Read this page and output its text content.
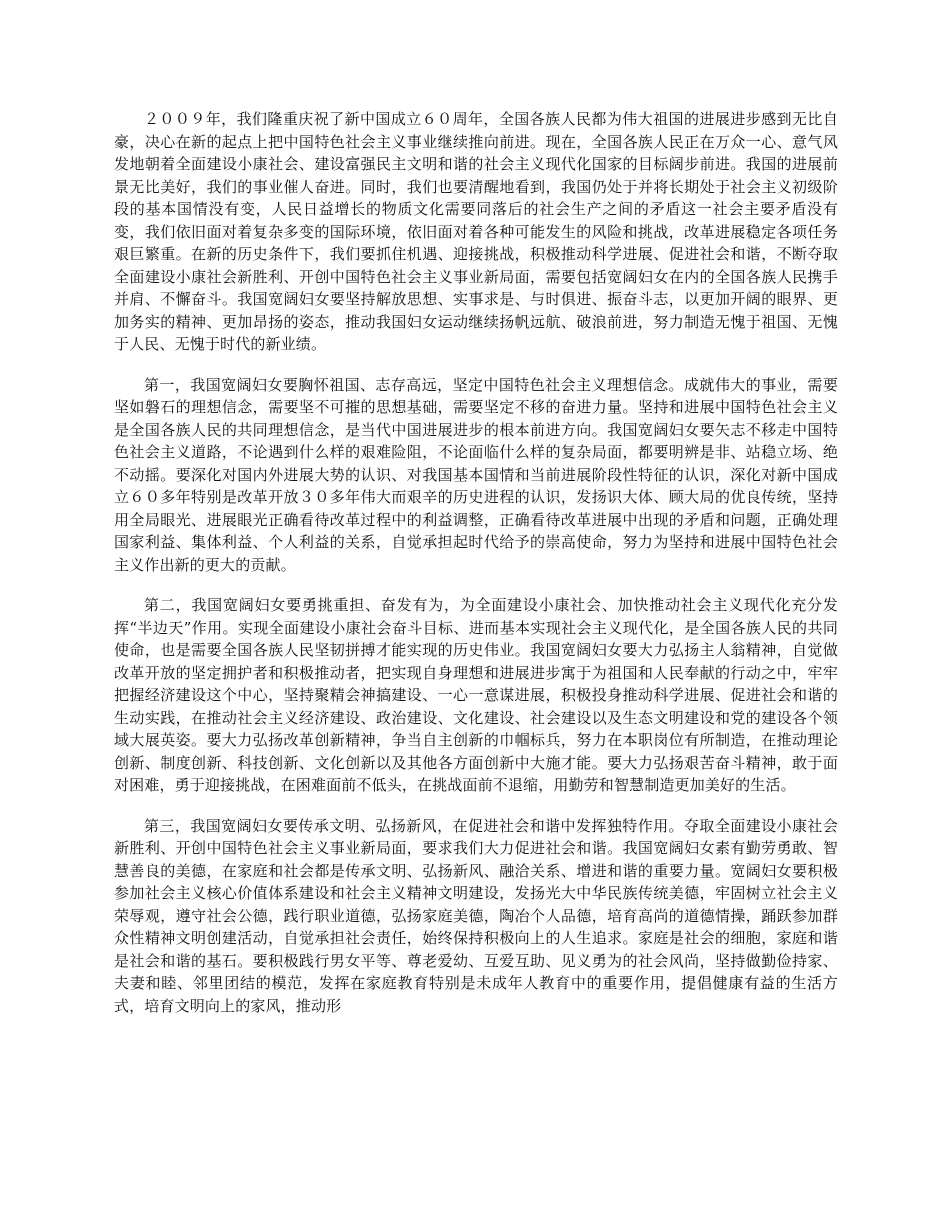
２００９年，我们隆重庆祝了新中国成立６０周年，全国各族人民都为伟大祖国的进展进步感到无比自豪，决心在新的起点上把中国特色社会主义事业继续推向前进。现在，全国各族人民正在万众一心、意气风发地朝着全面建设小康社会、建设富强民主文明和谐的社会主义现代化国家的目标阔步前进。我国的进展前景无比美好，我们的事业催人奋进。同时，我们也要清醒地看到，我国仍处于并将长期处于社会主义初级阶段的基本国情没有变，人民日益增长的物质文化需要同落后的社会生产之间的矛盾这一社会主要矛盾没有变，我们依旧面对着复杂多变的国际环境，依旧面对着各种可能发生的风险和挑战，改革进展稳定各项任务艰巨繁重。在新的历史条件下，我们要抓住机遇、迎接挑战，积极推动科学进展、促进社会和谐，不断夺取全面建设小康社会新胜利、开创中国特色社会主义事业新局面，需要包括宽阔妇女在内的全国各族人民携手并肩、不懈奋斗。我国宽阔妇女要坚持解放思想、实事求是、与时俱进、振奋斗志，以更加开阔的眼界、更加务实的精神、更加昂扬的姿态，推动我国妇女运动继续扬帆远航、破浪前进，努力制造无愧于祖国、无愧于人民、无愧于时代的新业绩。

第一，我国宽阔妇女要胸怀祖国、志存高远，坚定中国特色社会主义理想信念。成就伟大的事业，需要坚如磐石的理想信念，需要坚不可摧的思想基础，需要坚定不移的奋进力量。坚持和进展中国特色社会主义是全国各族人民的共同理想信念，是当代中国进展进步的根本前进方向。我国宽阔妇女要矢志不移走中国特色社会主义道路，不论遇到什么样的艰难险阻，不论面临什么样的复杂局面，都要明辨是非、站稳立场、绝不动摇。要深化对国内外进展大势的认识、对我国基本国情和当前进展阶段性特征的认识，深化对新中国成立６０多年特别是改革开放３０多年伟大而艰辛的历史进程的认识，发扬识大体、顾大局的优良传统，坚持用全局眼光、进展眼光正确看待改革过程中的利益调整，正确看待改革进展中出现的矛盾和问题，正确处理国家利益、集体利益、个人利益的关系，自觉承担起时代给予的崇高使命，努力为坚持和进展中国特色社会主义作出新的更大的贡献。

第二，我国宽阔妇女要勇挑重担、奋发有为，为全面建设小康社会、加快推动社会主义现代化充分发挥“半边天”作用。实现全面建设小康社会奋斗目标、进而基本实现社会主义现代化，是全国各族人民的共同使命，也是需要全国各族人民坚韧拼搏才能实现的历史伟业。我国宽阔妇女要大力弘扬主人翁精神，自觉做改革开放的坚定拥护者和积极推动者，把实现自身理想和进展进步寓于为祖国和人民奉献的行动之中，牢牢把握经济建设这个中心，坚持聚精会神搞建设、一心一意谋进展，积极投身推动科学进展、促进社会和谐的生动实践，在推动社会主义经济建设、政治建设、文化建设、社会建设以及生态文明建设和党的建设各个领域大展英姿。要大力弘扬改革创新精神，争当自主创新的巾帼标兵，努力在本职岗位有所制造，在推动理论创新、制度创新、科技创新、文化创新以及其他各方面创新中大施才能。要大力弘扬艰苦奋斗精神，敢于面对困难，勇于迎接挑战，在困难面前不低头，在挑战面前不退缩，用勤劳和智慧制造更加美好的生活。

第三，我国宽阔妇女要传承文明、弘扬新风，在促进社会和谐中发挥独特作用。夺取全面建设小康社会新胜利、开创中国特色社会主义事业新局面，要求我们大力促进社会和谐。我国宽阔妇女素有勤劳勇敢、智慧善良的美德，在家庭和社会都是传承文明、弘扬新风、融洽关系、增进和谐的重要力量。宽阔妇女要积极参加社会主义核心价值体系建设和社会主义精神文明建设，发扬光大中华民族传统美德，牢固树立社会主义荣辱观，遵守社会公德，践行职业道德，弘扬家庭美德，陶冶个人品德，培育高尚的道德情操，踊跃参加群众性精神文明创建活动，自觉承担社会责任，始终保持积极向上的人生追求。家庭是社会的细胞，家庭和谐是社会和谐的基石。要积极践行男女平等、尊老爱幼、互爱互助、见义勇为的社会风尚，坚持做勤俭持家、夫妻和睦、邻里团结的模范，发挥在家庭教育特别是未成年人教育中的重要作用，提倡健康有益的生活方式，培育文明向上的家风，推动形
